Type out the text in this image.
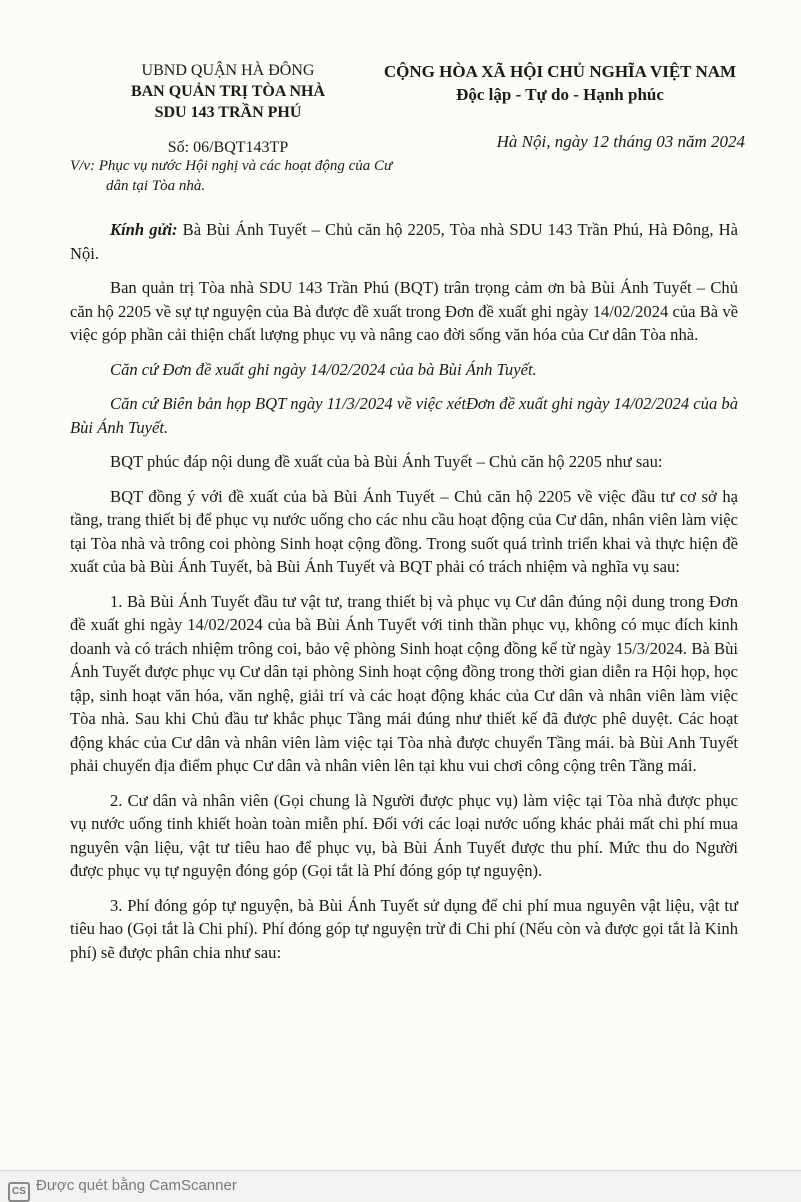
UBND QUẬN HÀ ĐÔNG
BAN QUẢN TRỊ TÒA NHÀ
SDU 143 TRẦN PHÚ
Số: 06/BQT143TP
CỘNG HÒA XÃ HỘI CHỦ NGHĨA VIỆT NAM
Độc lập - Tự do - Hạnh phúc
Hà Nội, ngày 12 tháng 03 năm 2024
V/v: Phục vụ nước Hội nghị và các hoạt động của Cư dân tại Tòa nhà.

Kính gửi: Bà Bùi Ánh Tuyết – Chủ căn hộ 2205, Tòa nhà SDU 143 Trần Phú, Hà Đông, Hà Nội.

Ban quản trị Tòa nhà SDU 143 Trần Phú (BQT) trân trọng cảm ơn bà Bùi Ánh Tuyết – Chủ căn hộ 2205 về sự tự nguyện của Bà được đề xuất trong Đơn đề xuất ghi ngày 14/02/2024 của Bà về việc góp phần cải thiện chất lượng phục vụ và nâng cao đời sống văn hóa của Cư dân Tòa nhà.

Căn cứ Đơn đề xuất ghi ngày 14/02/2024 của bà Bùi Ánh Tuyết.

Căn cứ Biên bản họp BQT ngày 11/3/2024 về việc xétĐơn đề xuất ghi ngày 14/02/2024 của bà Bùi Ánh Tuyết.

BQT phúc đáp nội dung đề xuất của bà Bùi Ánh Tuyết – Chủ căn hộ 2205 như sau:

BQT đồng ý với đề xuất của bà Bùi Ánh Tuyết – Chủ căn hộ 2205 về việc đầu tư cơ sở hạ tầng, trang thiết bị để phục vụ nước uống cho các nhu cầu hoạt động của Cư dân, nhân viên làm việc tại Tòa nhà và trông coi phòng Sinh hoạt cộng đồng. Trong suốt quá trình triển khai và thực hiện đề xuất của bà Bùi Ánh Tuyết, bà Bùi Ánh Tuyết và BQT phải có trách nhiệm và nghĩa vụ sau:

1. Bà Bùi Ánh Tuyết đầu tư vật tư, trang thiết bị và phục vụ Cư dân đúng nội dung trong Đơn đề xuất ghi ngày 14/02/2024 của bà Bùi Ánh Tuyết với tinh thần phục vụ, không có mục đích kinh doanh và có trách nhiệm trông coi, bảo vệ phòng Sinh hoạt cộng đồng kể từ ngày 15/3/2024. Bà Bùi Ánh Tuyết được phục vụ Cư dân tại phòng Sinh hoạt cộng đồng trong thời gian diễn ra Hội họp, học tập, sinh hoạt văn hóa, văn nghệ, giải trí và các hoạt động khác của Cư dân và nhân viên làm việc Tòa nhà. Sau khi Chủ đầu tư khắc phục Tầng mái đúng như thiết kế đã được phê duyệt. Các hoạt động khác của Cư dân và nhân viên làm việc tại Tòa nhà được chuyển Tầng mái. bà Bùi Anh Tuyết phải chuyển địa điểm phục Cư dân và nhân viên lên tại khu vui chơi công cộng trên Tầng mái.

2. Cư dân và nhân viên (Gọi chung là Người được phục vụ) làm việc tại Tòa nhà được phục vụ nước uống tinh khiết hoàn toàn miễn phí. Đối với các loại nước uống khác phải mất chi phí mua nguyên vận liệu, vật tư tiêu hao để phục vụ, bà Bùi Ánh Tuyết được thu phí. Mức thu do Người được phục vụ tự nguyện đóng góp (Gọi tắt là Phí đóng góp tự nguyện).

3. Phí đóng góp tự nguyện, bà Bùi Ánh Tuyết sử dụng để chi phí mua nguyên vật liệu, vật tư tiêu hao (Gọi tắt là Chi phí). Phí đóng góp tự nguyện trừ đi Chi phí (Nếu còn và được gọi tắt là Kinh phí) sẽ được phân chia như sau:

CS Được quét bằng CamScanner
